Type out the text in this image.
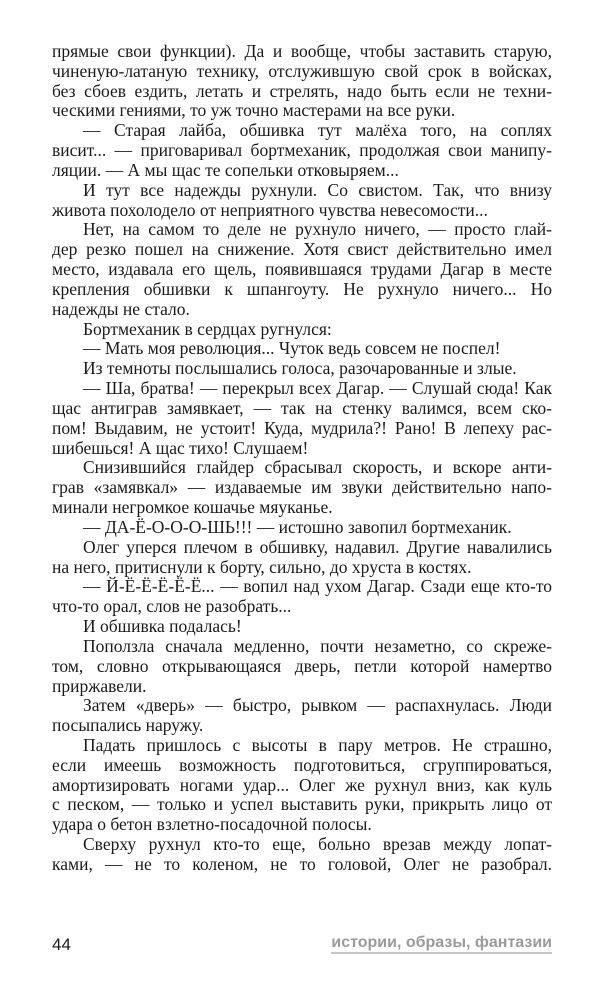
прямые свои функции). Да и вообще, чтобы заставить старую,
чиненую-латаную технику, отслужившую свой срок в войсках,
без сбоев ездить, летать и стрелять, надо быть если не техни-
ческими гениями, то уж точно мастерами на все руки.
— Старая лайба, обшивка тут малёха того, на соплях
висит... — приговаривал бортмеханик, продолжая свои манипу-
ляции. — А мы щас те сопельки отковыряем...
И тут все надежды рухнули. Со свистом. Так, что внизу
живота похолодело от неприятного чувства невесомости...
Нет, на самом то деле не рухнуло ничего, — просто глай-
дер резко пошел на снижение. Хотя свист действительно имел
место, издавала его щель, появившаяся трудами Дагар в месте
крепления обшивки к шпангоуту. Не рухнуло ничего... Но
надежды не стало.
Бортмеханик в сердцах ругнулся:
— Мать моя революция... Чуток ведь совсем не поспел!
Из темноты послышались голоса, разочарованные и злые.
— Ша, братва! — перекрыл всех Дагар. — Слушай сюда! Как
щас антиграв замявкает, — так на стенку валимся, всем ско-
пом! Выдавим, не устоит! Куда, мудрила?! Рано! В лепеху рас-
шибешься! А щас тихо! Слушаем!
Снизившийся глайдер сбрасывал скорость, и вскоре анти-
грав «замявкал» — издаваемые им звуки действительно напо-
минали негромкое кошачье мяуканье.
— ДА-Ё-О-О-О-ШЬ!!! — истошно завопил бортмеханик.
Олег уперся плечом в обшивку, надавил. Другие навалились
на него, притиснули к борту, сильно, до хруста в костях.
— Й-Ё-Ё-Ё-Ё-Ё... — вопил над ухом Дагар. Сзади еще кто-то
что-то орал, слов не разобрать...
И обшивка подалась!
Поползла сначала медленно, почти незаметно, со скреже-
том, словно открывающаяся дверь, петли которой намертво
приржавели.
Затем «дверь» — быстро, рывком — распахнулась. Люди
посыпались наружу.
Падать пришлось с высоты в пару метров. Не страшно,
если имеешь возможность подготовиться, сгруппироваться,
амортизировать ногами удар... Олег же рухнул вниз, как куль
с песком, — только и успел выставить руки, прикрыть лицо от
удара о бетон взлетно-посадочной полосы.
Сверху рухнул кто-то еще, больно врезав между лопат-
ками, — не то коленом, не то головой, Олег не разобрал.
44	истории, образы, фантазии
